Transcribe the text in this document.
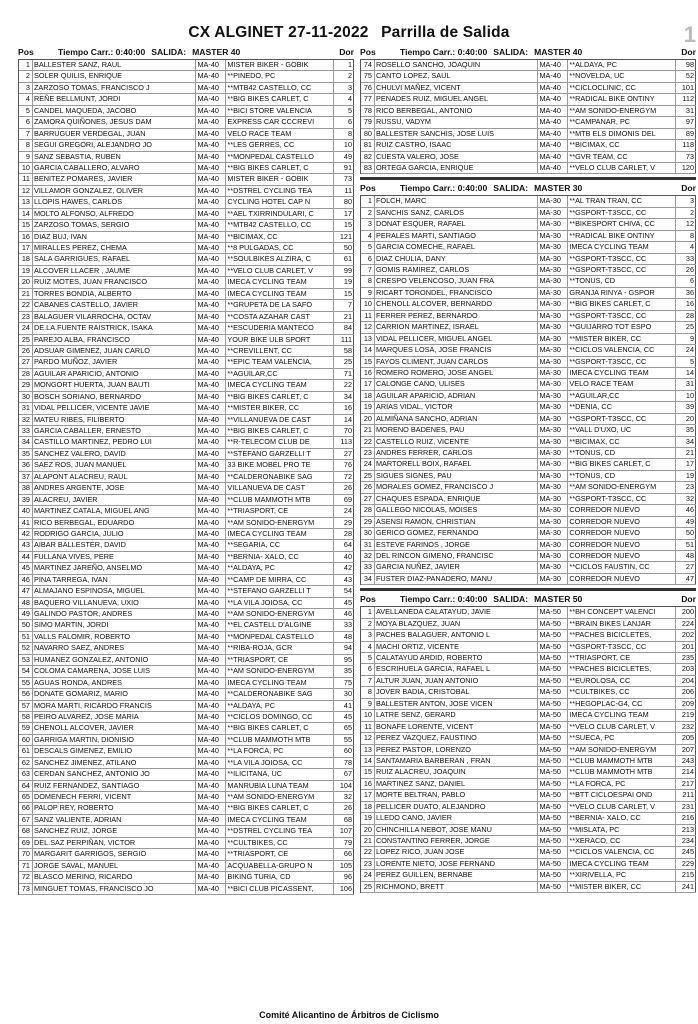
CX ALGINET 27-11-2022 Parrilla de Salida	1
Pos	Tiempo Carr.: 0:40:00 SALIDA: MASTER 40	Dor
1 BALLESTER SANZ, RAUL	MA-40	MISTER BIKER - GOBIK	1
2 SOLER QUILIS, ENRIQUE	MA-40	**PINEDO, PC	2
3 ZARZOSO TOMAS, FRANCISCO J	MA-40	**MTB42 CASTELLO, CC	3
4 REÑE BELLMUNT, JORDI	MA-40	**BIG BIKES CARLET, C	4
5 CANDEL MAQUEDA, JACOBO	MA-40	**BICI STORE VALENCIA	5
6 ZAMORA QUIÑONES, JESUS DAM	MA-40	EXPRESS CAR CCCREVI	6
7 BARRUGUER VERDEGAL, JUAN	MA-40	VELO RACE TEAM	8
8 SEGUI GREGORI, ALEJANDRO JO	MA-40	**LES GERRES, CC	10
9 SANZ SEBASTIA, RUBEN	MA-40	**MONPEDAL CASTELLO	49
10 GARCIA CABALLERO, ALVARO	MA-40	**BIG BIKES CARLET, C	91
11 BENITEZ POMARES, JAVIER	MA-40	MISTER BIKER - GOBIK	73
12 VILLAMOR GONZALEZ, OLIVER	MA-40	**DSTREL CYCLING TEA	11
13 LLOPIS HAWES, CARLOS	MA-40	CYCLING HOTEL CAP N	80
14 MOLTO ALFONSO, ALFREDO	MA-40	**AEL TXIRRINDULARI, C	17
15 ZARZOSO TOMAS, SERGIO	MA-40	**MTB42 CASTELLO, CC	15
16 DIAZ BUJ, IVAN	MA-40	**BICIMAX, CC	121
17 MIRALLES PEREZ, CHEMA	MA-40	**8 PULGADAS, CC	50
18 SALA GARRIGUES, RAFAEL	MA-40	**SOULBIKES ALZIRA, C	61
19 ALCOVER LLACER , JAUME	MA-40	**VELO CLUB CARLET, V	99
20 RUIZ MOTES, JUAN FRANCISCO	MA-40	IMECA CYCLING TEAM	19
21 TORRES BONDIA, ALBERTO	MA-40	IMECA CYCLING TEAM	15
22 CABANES CASTELLO, JAVIER	MA-40	**GRUPETA DE LA SAFO	7
23 BALAGUER VILARROCHA, OCTAV	MA-40	**COSTA AZAHAR CAST	21
24 DE.LA.FUENTE RAISTRICK, ISAKA	MA-40	**ESCUDERIA MANTECO	84
25 PAREJO ALBA, FRANCISCO	MA-40	YOUR BIKE ULB SPORT	111
26 ADSUAR GIMENEZ, JUAN CARLO	MA-40	**CREVILLENT, CC	58
27 PARDO MUÑOZ, JAVIER	MA-40	**EPIC TEAM VALENCIA,	25
28 AGUILAR APARICIO, ANTONIO	MA-40	**AGUILAR,CC	71
29 MONGORT HUERTA, JUAN BAUTI	MA-40	IMECA CYCLING TEAM	22
30 BOSCH SORIANO, BERNARDO	MA-40	**BIG BIKES CARLET, C	34
31 VIDAL PELLICER, VICENTE JAVIE	MA-40	**MISTER BIKER, CC	16
32 MATEU RIBES, FILIBERTO	MA-40	**VILLANUEVA DE CAST	14
33 GARCIA CABALLER, ERNESTO	MA-40	**BIG BIKES CARLET, C	70
34 CASTILLO MARTINEZ, PEDRO LUI	MA-40	**R-TELECOM CLUB DE	113
35 SANCHEZ VALERO, DAVID	MA-40	**STEFANO GARZELLI T	27
36 SAEZ ROS, JUAN MANUEL	MA-40	33 BIKE MOBEL PRO TE	76
37 ALAPONT ALACREU, RAUL	MA-40	**CALDERONABIKE SAG	72
38 ANDRES ARGENTE, JOSE	MA-40	VILLANUEVA DE CAST	26
39 ALACREU, JAVIER	MA-40	**CLUB MAMMOTH MTB	69
40 MARTINEZ CATALA, MIGUEL ANG	MA-40	**TRIASPORT, CE	24
41 RICO BERBEGAL, EDUARDO	MA-40	**AM SONIDO-ENERGYM	29
42 RODRIGO GARCIA, JULIO	MA-40	IMECA CYCLING TEAM	28
43 AIBAR BALLESTER, DAVID	MA-40	**SEGARIA, CC	64
44 FULLANA VIVES, PERE	MA-40	**BERNIA- XALO, CC	40
45 MARTINEZ JAREÑO, ANSELMO	MA-40	**ALDAYA, PC	42
46 PINA TARREGA, IVAN	MA-40	**CAMP DE MIRRA, CC	43
47 ALMAJANO ESPINOSA, MIGUEL	MA-40	**STEFANO GARZELLI T	54
48 BAQUERO VILLANUEVA, UXIO	MA-40	**LA VILA JOIOSA, CC	45
49 GALINDO PASTOR, ANDRES	MA-40	**AM SONIDO-ENERGYM	46
50 SIMO MARTIN, JORDI	MA-40	**EL CASTELL D'ALGINE	33
51 VALLS FALOMIR, ROBERTO	MA-40	**MONPEDAL CASTELLO	48
52 NAVARRO SAEZ, ANDRES	MA-40	**RIBA-ROJA, GCR	94
53 HUMANEZ GONZALEZ, ANTONIO	MA-40	**TRIASPORT, CE	95
54 COLOMA CAMARENA, JOSE LUIS	MA-40	**AM SONIDO-ENERGYM	35
55 AGUAS RONDA, ANDRES	MA-40	IMECA CYCLING TEAM	75
56 DONATE GOMARIZ, MARIO	MA-40	**CALDERONABIKE SAG	30
57 MORA MARTI, RICARDO FRANCIS	MA-40	**ALDAYA, PC	41
58 PEIRO ALVAREZ, JOSE MARIA	MA-40	**CICLOS DOMINGO, CC	45
59 CHENOLL ALCOVER, JAVIER	MA-40	**BIG BIKES CARLET, C	65
60 GARRIGA MARTIN, DIONISIO	MA-40	**CLUB MAMMOTH MTB	55
61 DESCALS GIMENEZ, EMILIO	MA-40	**LA FORCA, PC	60
62 SANCHEZ JIMENEZ, ATILANO	MA-40	**LA VILA JOIOSA, CC	78
63 CERDAN SANCHEZ, ANTONIO JO	MA-40	**ILICITANA, UC	67
64 RUIZ FERNANDEZ, SANTIAGO	MA-40	MANRUBIA LUNA TEAM	104
65 DOMENECH FERRI, VICENT	MA-40	**AM SONIDO-ENERGYM	32
66 PALOP REY, ROBERTO	MA-40	**BIG BIKES CARLET, C	26
67 SANZ VALIENTE, ADRIAN	MA-40	IMECA CYCLING TEAM	68
68 SANCHEZ RUIZ, JORGE	MA-40	**DSTREL CYCLING TEA	107
69 DEL.SAZ PERPIÑAN, VICTOR	MA-40	**CULTBIKES, CC	79
70 MARGARIT GARRIGOS, SERGIO	MA-40	**TRIASPORT, CE	66
71 JORGE SAVAL, MANUEL	MA-40	ACQUABELLA-GRUPO N	105
72 BLASCO MERINO, RICARDO	MA-40	BIKING TURIA, CD	96
73 MINGUET TOMAS, FRANCISCO JO	MA-40	**BICI CLUB PICASSENT,	106
Pos	Tiempo Carr.: 0:40:00 SALIDA: MASTER 40	Dor
74 ROSELLO SANCHO, JOAQUIN	MA-40	**ALDAYA, PC	98
75 CANTO LOPEZ, SAUL	MA-40	**NOVELDA, UC	52
76 CHULVI MAÑEZ, VICENT	MA-40	**CICLOCLINIC, CC	101
77 PENADES RUIZ, MIGUEL ANGEL	MA-40	**RADICAL BIKE ONTINY	112
78 RICO BERBEGAL, ANTONIO	MA-40	**AM SONIDO-ENERGYM	31
79 RUSSU, VADYM	MA-40	**CAMPANAR, PC	97
80 BALLESTER SANCHIS, JOSE LUIS	MA-40	**MTB ELS DIMONIS DEL	89
81 RUIZ CASTRO, ISAAC	MA-40	**BICIMAX, CC	118
82 CUESTA VALERO, JOSE	MA-40	**GVR TEAM, CC	73
83 ORTEGA GARCIA, ENRIQUE	MA-40	**VELO CLUB CARLET, V	120
Pos	Tiempo Carr.: 0:40:00 SALIDA: MASTER 30	Dor
1 FOLCH, MARC	MA-30	**AL TRAN TRAN, CC	3
2 SANCHIS SANZ, CARLOS	MA-30	**GSPORT-T3SCC, CC	2
3 DONAT ESQUER, RAFAEL	MA-30	**BIKESPORT CHIVA, CC	12
4 PERALES MARTI, SANTIAGO	MA-30	**RADICAL BIKE ONTINY	8
5 GARCIA COMECHE, RAFAEL	MA-30	IMECA CYCLING TEAM	4
6 DIAZ CHULIA, DANY	MA-30	**GSPORT-T3SCC, CC	33
7 GOMIS RAMIREZ, CARLOS	MA-30	**GSPORT-T3SCC, CC	26
8 CRESPO VELENCOSO, JUAN FRA	MA-30	**TONUS, CD	6
9 RICART TORONDEL, FRANCISCO	MA-30	GRANJA RINYA - GSPOR	36
10 CHENOLL ALCOVER, BERNARDO	MA-30	**BIG BIKES CARLET, C	16
11 FERRER PEREZ, BERNARDO	MA-30	**GSPORT-T3SCC, CC	28
12 CARRION MARTINEZ, ISRAEL	MA-30	**GUIJARRO TOT ESPO	25
13 VIDAL PELLICER, MIGUEL ANGEL	MA-30	**MISTER BIKER, CC	9
14 MARQUES LOSA, JOSE FRANCIS	MA-30	**CICLOS VALENCIA, CC	24
15 FAYOS CLIMENT, JUAN CARLOS	MA-30	**GSPORT-T3SCC, CC	5
16 ROMERO ROMERO, JOSE ANGEL	MA-30	IMECA CYCLING TEAM	14
17 CALONGE CANO, ULISES	MA-30	VELO RACE TEAM	31
18 AGUILAR APARICIO, ADRIAN	MA-30	**AGUILAR,CC	10
19 ARIAS VIDAL, VICTOR	MA-30	**DENIA, CC	39
20 ALMIÑANA SANCHO, ADRIAN	MA-30	**GSPORT-T3SCC, CC	20
21 MORENO BADENES, PAU	MA-30	**VALL D'UXO, UC	35
22 CASTELLO RUIZ, VICENTE	MA-30	**BICIMAX, CC	34
23 ANDRES FERRER, CARLOS	MA-30	**TONUS, CD	21
24 MARTORELL BOIX, RAFAEL	MA-30	**BIG BIKES CARLET, C	17
25 SIGUES SIGNES, PAU	MA-30	**TONUS, CD	19
26 MORALES GOMEZ, FRANCISCO J	MA-30	**AM SONIDO-ENERGYM	23
27 CHAQUES ESPADA, ENRIQUE	MA-30	**GSPORT-T3SCC, CC	32
28 GALLEGO NICOLAS, MOISES	MA-30	CORREDOR NUEVO	46
29 ASENSI RAMON, CHRISTIAN	MA-30	CORREDOR NUEVO	49
30 GERICO GOMEZ, FERNANDO	MA-30	CORREDOR NUEVO	50
31 ESTEVE FARINOS , JORGE	MA-30	CORREDOR NUEVO	51
32 DEL RINCON GIMENO, FRANCISC	MA-30	CORREDOR NUEVO	48
33 GARCIA NUÑEZ, JAVIER	MA-30	**CICLOS FAUSTIN, CC	27
34 FUSTER DIAZ-PANADERO, MANU	MA-30	CORREDOR NUEVO	47
Pos	Tiempo Carr.: 0:40:00 SALIDA: MASTER 50	Dor
1 AVELLANEDA CALATAYUD, JAVIE	MA-50	**BH CONCEPT VALENCI	200
2 MOYA BLAZQUEZ, JUAN	MA-50	**BRAIN BIKES LANJAR	224
3 PACHES BALAGUER, ANTONIO L	MA-50	**PACHES BICICLETES,	202
4 MACHI ORTIZ, VICENTE	MA-50	**GSPORT-T3SCC, CC	201
5 CALATAYUD ARDID, ROBERTO	MA-50	**TRIASPORT, CE	235
6 ESCRIHUELA GARCIA, RAFAEL L	MA-50	**PACHES BICICLETES,	203
7 ALTUR JUAN, JUAN ANTONIO	MA-50	**EUROLOSA, CC	204
8 JOVER BADIA, CRISTOBAL	MA-50	**CULTBIKES, CC	206
9 BALLESTER ANTON, JOSE VICEN	MA-50	**HEGOPLAC-G4, CC	209
10 LATRE SENZ, GERARD	MA-50	IMECA CYCLING TEAM	219
11 BONAFE LORENTE, VICENT	MA-50	**VELO CLUB CARLET, V	232
12 PEREZ VAZQUEZ, FAUSTINO	MA-50	**SUECA, PC	205
13 PEREZ PASTOR, LORENZO	MA-50	**AM SONIDO-ENERGYM	207
14 SANTAMARIA BARBERAN , FRAN	MA-50	**CLUB MAMMOTH MTB	243
15 RUIZ ALACREU, JOAQUIN	MA-50	**CLUB MAMMOTH MTB	214
16 MARTINEZ SANZ, DANIEL	MA-50	**LA FORCA, PC	217
17 MORTE BELTRAN, PABLO	MA-50	**BTT CICLOESPAI OND	211
18 PELLICER DUATO, ALEJANDRO	MA-50	**VELO CLUB CARLET, V	231
19 LLEDO CANO, JAVIER	MA-50	**BERNIA- XALO, CC	216
20 CHINCHILLA NEBOT, JOSE MANU	MA-50	**MISLATA, PC	213
21 CONSTANTINO FERRER, JORGE	MA-50	**XERACO, CC	234
22 LOPEZ RICO, JUAN JOSE	MA-50	**CICLOS VALENCIA, CC	245
23 LORENTE NIETO, JOSE FERNAND	MA-50	IMECA CYCLING TEAM	229
24 PEREZ GUILLEN, BERNABE	MA-50	**XIRIVELLA, PC	215
25 RICHMOND, BRETT	MA-50	**MISTER BIKER, CC	241
Comité Alicantino de Árbitros de Ciclismo
